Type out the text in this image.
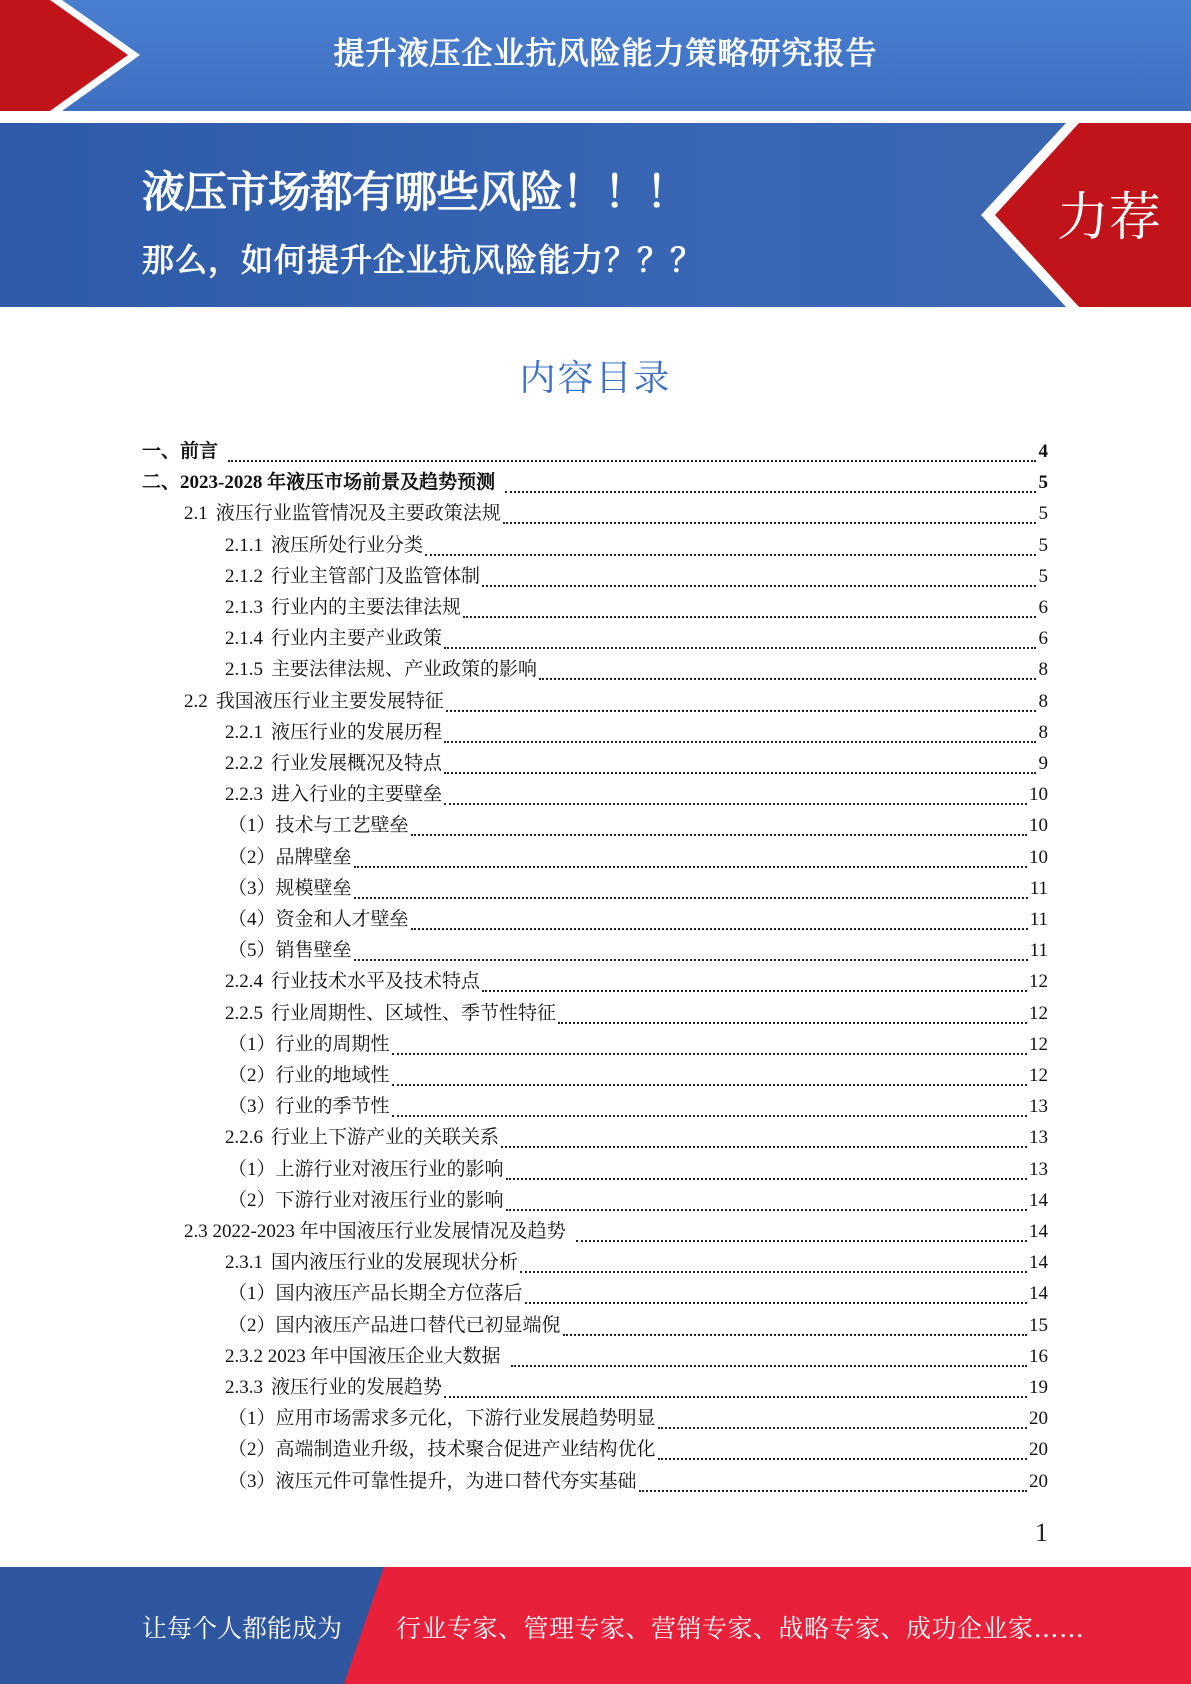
提升液压企业抗风险能力策略研究报告
液压市场都有哪些风险！！！
那么，如何提升企业抗风险能力？？？
力荐
内容目录
一、前言	4
二、2023-2028 年液压市场前景及趋势预测	5
2.1 液压行业监管情况及主要政策法规	5
2.1.1 液压所处行业分类	5
2.1.2 行业主管部门及监管体制	5
2.1.3 行业内的主要法律法规	6
2.1.4 行业内主要产业政策	6
2.1.5 主要法律法规、产业政策的影响	8
2.2 我国液压行业主要发展特征	8
2.2.1 液压行业的发展历程	8
2.2.2 行业发展概况及特点	9
2.2.3 进入行业的主要壁垒	10
（1） 技术与工艺壁垒	10
（2） 品牌壁垒	10
（3） 规模壁垒	11
（4） 资金和人才壁垒	11
（5） 销售壁垒	11
2.2.4 行业技术水平及技术特点	12
2.2.5 行业周期性、区域性、季节性特征	12
（1） 行业的周期性	12
（2） 行业的地域性	12
（3） 行业的季节性	13
2.2.6 行业上下游产业的关联关系	13
（1） 上游行业对液压行业的影响	13
（2） 下游行业对液压行业的影响	14
2.3 2022-2023 年中国液压行业发展情况及趋势	14
2.3.1 国内液压行业的发展现状分析	14
（1） 国内液压产品长期全方位落后	14
（2） 国内液压产品进口替代已初显端倪	15
2.3.2 2023 年中国液压企业大数据	16
2.3.3 液压行业的发展趋势	19
（1） 应用市场需求多元化，下游行业发展趋势明显	20
（2） 高端制造业升级，技术聚合促进产业结构优化	20
（3） 液压元件可靠性提升，为进口替代夯实基础	20
1
让每个人都能成为 行业专家、管理专家、营销专家、战略专家、成功企业家……
